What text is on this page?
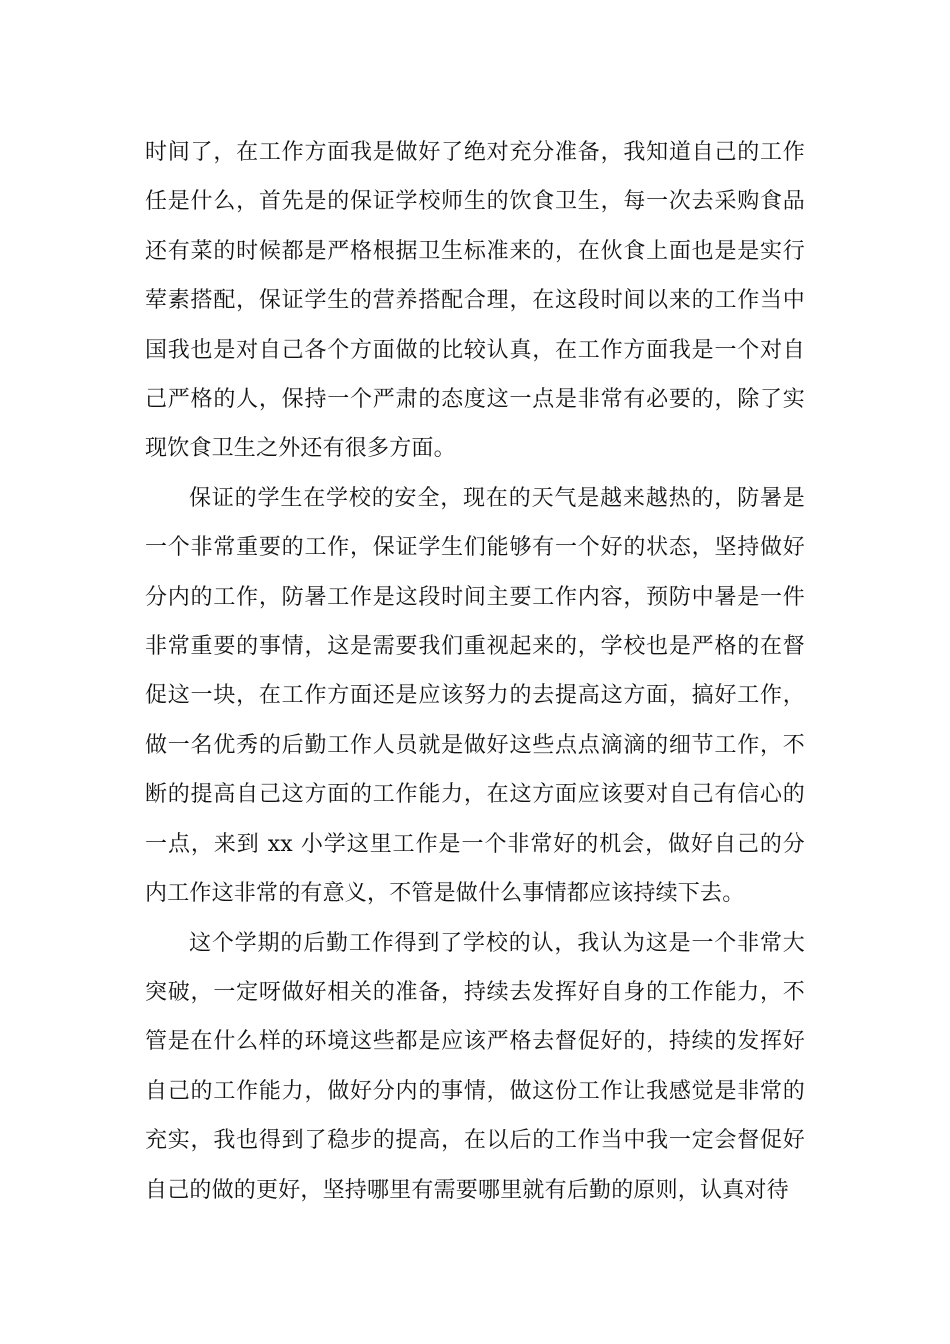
时间了，在工作方面我是做好了绝对充分准备，我知道自己的工作任是什么，首先是的保证学校师生的饮食卫生，每一次去采购食品还有菜的时候都是严格根据卫生标准来的，在伙食上面也是是实行荤素搭配，保证学生的营养搭配合理，在这段时间以来的工作当中国我也是对自己各个方面做的比较认真，在工作方面我是一个对自己严格的人，保持一个严肃的态度这一点是非常有必要的，除了实现饮食卫生之外还有很多方面。

保证的学生在学校的安全，现在的天气是越来越热的，防暑是一个非常重要的工作，保证学生们能够有一个好的状态，坚持做好分内的工作，防暑工作是这段时间主要工作内容，预防中暑是一件非常重要的事情，这是需要我们重视起来的，学校也是严格的在督促这一块，在工作方面还是应该努力的去提高这方面，搞好工作，做一名优秀的后勤工作人员就是做好这些点点滴滴的细节工作，不断的提高自己这方面的工作能力，在这方面应该要对自己有信心的一点，来到 xx 小学这里工作是一个非常好的机会，做好自己的分内工作这非常的有意义，不管是做什么事情都应该持续下去。

这个学期的后勤工作得到了学校的认，我认为这是一个非常大突破，一定呀做好相关的准备，持续去发挥好自身的工作能力，不管是在什么样的环境这些都是应该严格去督促好的，持续的发挥好自己的工作能力，做好分内的事情，做这份工作让我感觉是非常的充实，我也得到了稳步的提高，在以后的工作当中我一定会督促好自己的做的更好，坚持哪里有需要哪里就有后勤的原则，认真对待
